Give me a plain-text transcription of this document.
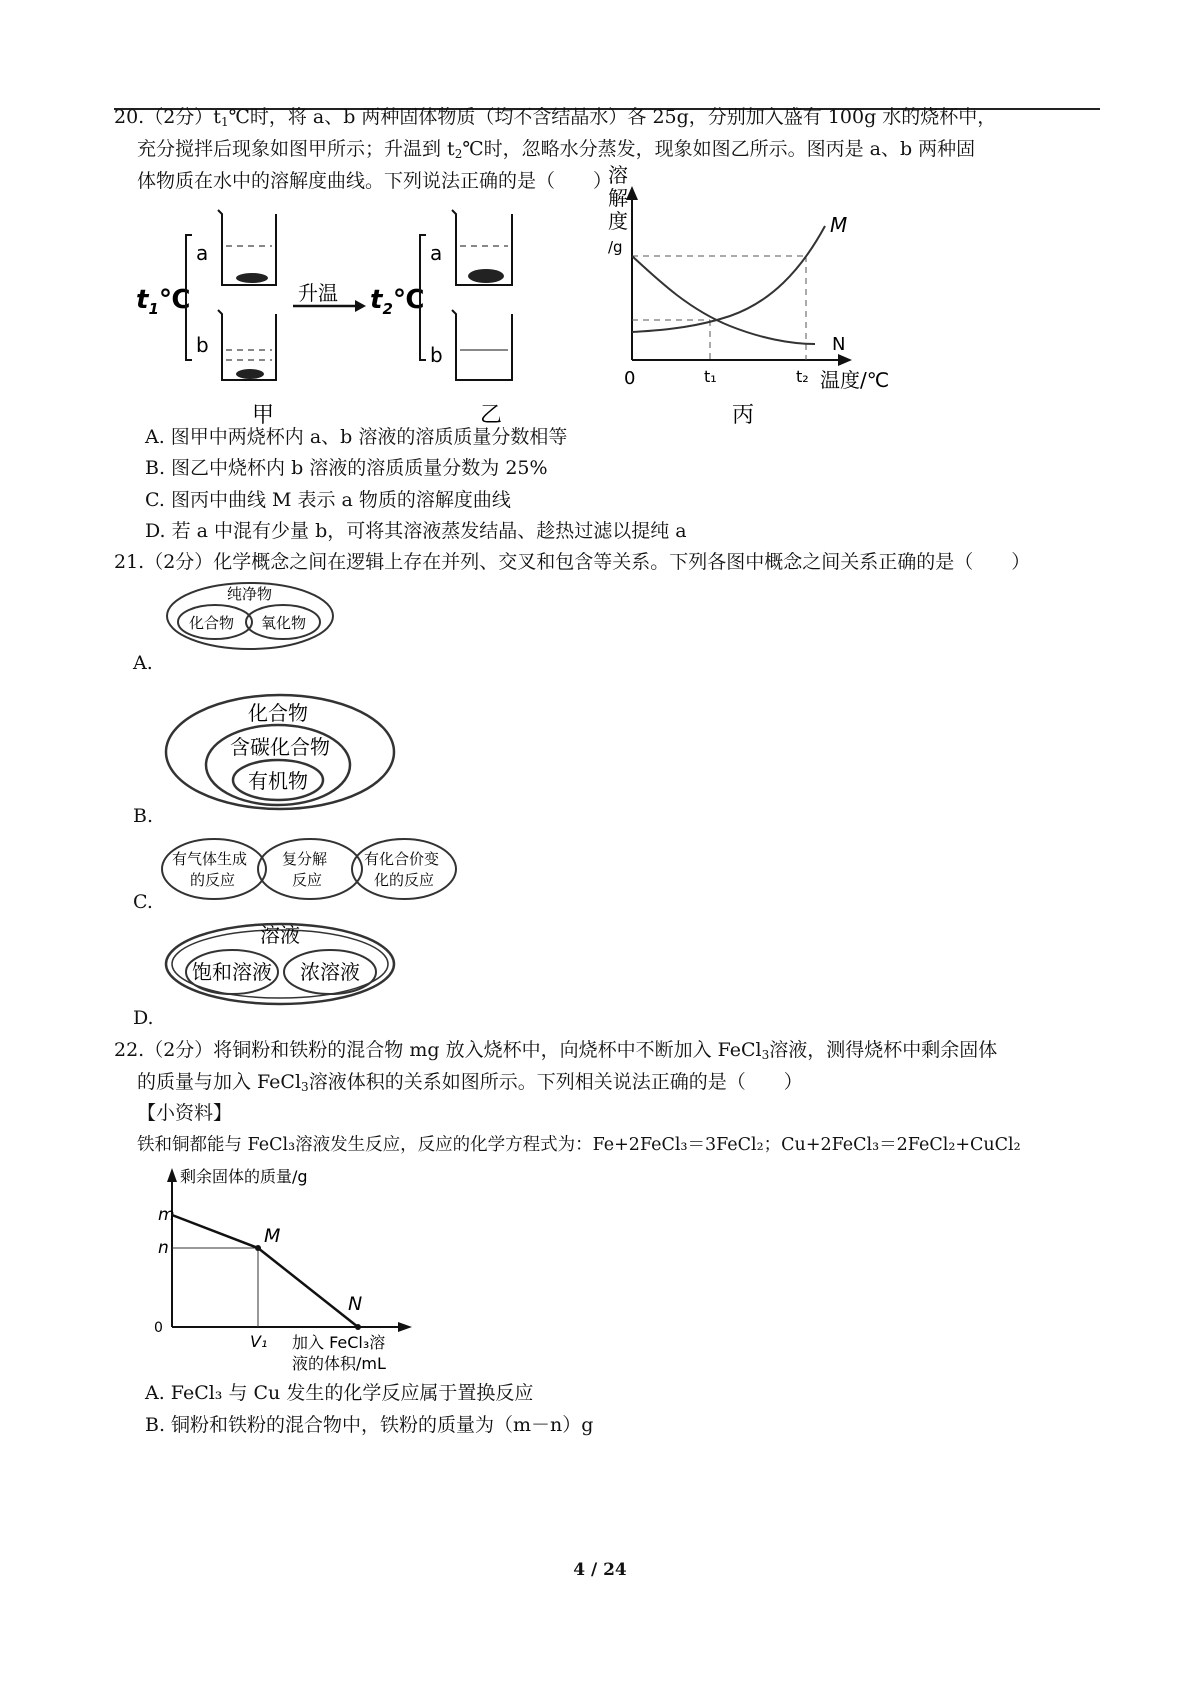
20.（2分）$t_1℃$时，将 a、b 两种固体物质（均不含结晶水）各 25g，分别加入盛有 100g 水的烧杯中，
充分搅拌后现象如图甲所示；升温到 $t_2℃$时，忽略水分蒸发，现象如图乙所示。图丙是 a、b 两种固
体物质在水中的溶解度曲线。下列说法正确的是（　　）
$t_1℃$
a
b
升温 $t_2℃$
a
b
甲	乙
溶
解
度
/g
0
M
N
t₁	t₂ 温度/℃
丙
A. 图甲中两烧杯内 a、b 溶液的溶质质量分数相等
B. 图乙中烧杯内 b 溶液的溶质质量分数为 25%
C. 图丙中曲线 M 表示 a 物质的溶解度曲线
D. 若 a 中混有少量 b，可将其溶液蒸发结晶、趁热过滤以提纯 a
21.（2分）化学概念之间在逻辑上存在并列、交叉和包含等关系。下列各图中概念之间关系正确的是（　　）
纯净物
化合物 氧化物
A.
化合物
含碳化合物
有机物
B.
有气体生成
的反应
复分解
反应
有化合价变
化的反应
C.
溶液
饱和溶液 浓溶液
D.
22.（2分）将铜粉和铁粉的混合物 mg 放入烧杯中，向烧杯中不断加入 FeCl$_3$溶液，测得烧杯中剩余固体
的质量与加入 FeCl$_3$溶液体积的关系如图所示。下列相关说法正确的是（　　）
【小资料】
铁和铜都能与 FeCl₃溶液发生反应，反应的化学方程式为：Fe+2FeCl₃＝3FeCl₂；Cu+2FeCl₃＝2FeCl₂+CuCl₂
剩余固体的质量/g
m
n
0
M
N
V₁ 加入 FeCl₃溶
液的体积/mL
A. FeCl₃ 与 Cu 发生的化学反应属于置换反应
B. 铜粉和铁粉的混合物中，铁粉的质量为（m－n）g
4 / 24
